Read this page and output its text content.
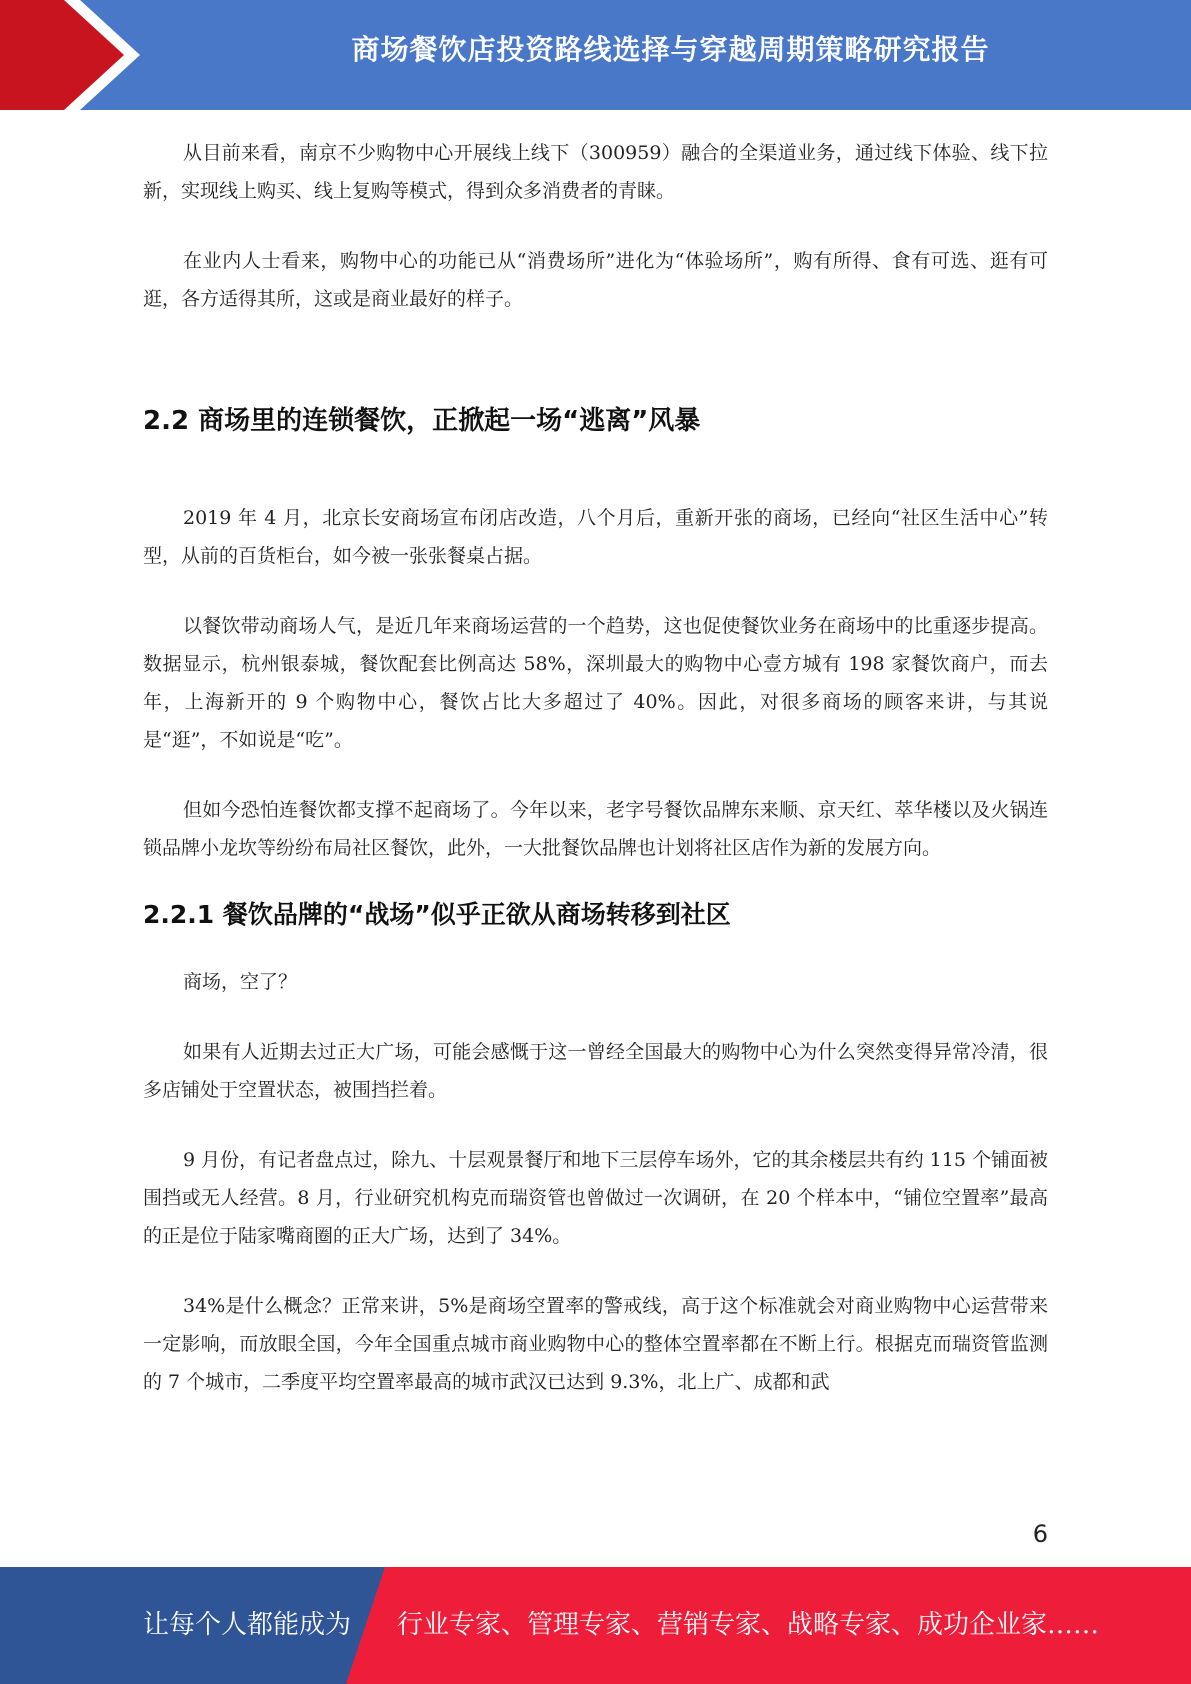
商场餐饮店投资路线选择与穿越周期策略研究报告

从目前来看，南京不少购物中心开展线上线下（300959）融合的全渠道业务，通过线下体验、线下拉新，实现线上购买、线上复购等模式，得到众多消费者的青睐。

在业内人士看来，购物中心的功能已从“消费场所”进化为“体验场所”，购有所得、食有可选、逛有可逛，各方适得其所，这或是商业最好的样子。

2.2 商场里的连锁餐饮，正掀起一场“逃离”风暴

2019 年 4 月，北京长安商场宣布闭店改造，八个月后，重新开张的商场，已经向“社区生活中心”转型，从前的百货柜台，如今被一张张餐桌占据。

以餐饮带动商场人气，是近几年来商场运营的一个趋势，这也促使餐饮业务在商场中的比重逐步提高。数据显示，杭州银泰城，餐饮配套比例高达 58%，深圳最大的购物中心壹方城有 198 家餐饮商户，而去年，上海新开的 9 个购物中心，餐饮占比大多超过了 40%。因此，对很多商场的顾客来讲，与其说是“逛”，不如说是“吃”。

但如今恐怕连餐饮都支撑不起商场了。今年以来，老字号餐饮品牌东来顺、京天红、萃华楼以及火锅连锁品牌小龙坎等纷纷布局社区餐饮，此外，一大批餐饮品牌也计划将社区店作为新的发展方向。

2.2.1 餐饮品牌的“战场”似乎正欲从商场转移到社区

商场，空了？

如果有人近期去过正大广场，可能会感慨于这一曾经全国最大的购物中心为什么突然变得异常冷清，很多店铺处于空置状态，被围挡拦着。

9 月份，有记者盘点过，除九、十层观景餐厅和地下三层停车场外，它的其余楼层共有约 115 个铺面被围挡或无人经营。8 月，行业研究机构克而瑞资管也曾做过一次调研，在 20 个样本中，“铺位空置率”最高的正是位于陆家嘴商圈的正大广场，达到了 34%。

34%是什么概念？正常来讲，5%是商场空置率的警戒线，高于这个标准就会对商业购物中心运营带来一定影响，而放眼全国，今年全国重点城市商业购物中心的整体空置率都在不断上行。根据克而瑞资管监测的 7 个城市，二季度平均空置率最高的城市武汉已达到 9.3%，北上广、成都和武

6
让每个人都能成为 行业专家、管理专家、营销专家、战略专家、成功企业家……
